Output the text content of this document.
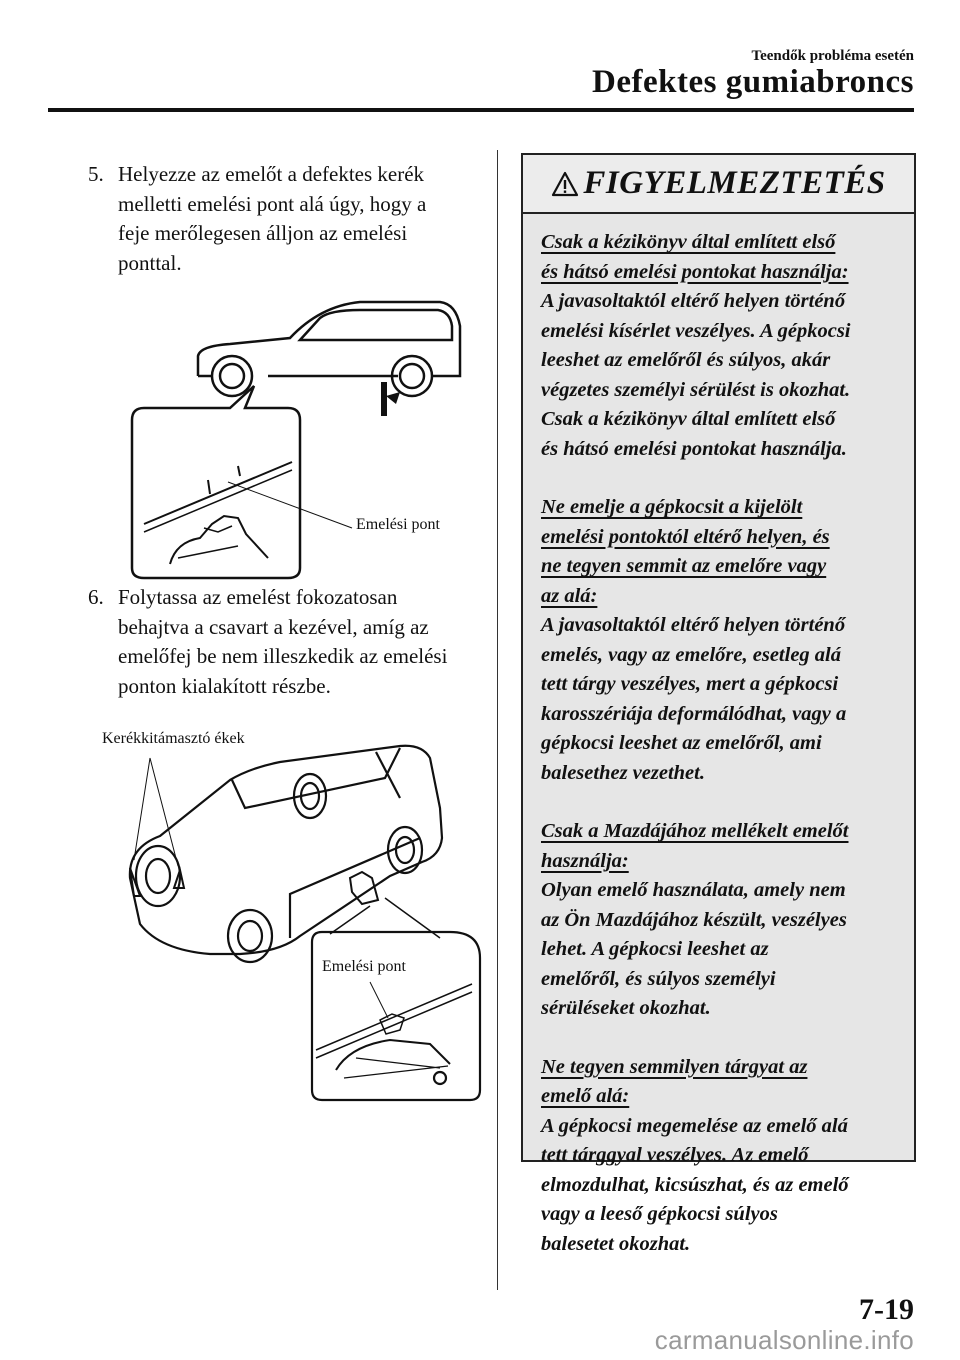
Teendők probléma esetén
Defektes gumiabroncs
5. Helyezze az emelőt a defektes kerék
melletti emelési pont alá úgy, hogy a
feje merőlegesen álljon az emelési
ponttal.
Emelési pont
6. Folytassa az emelést fokozatosan
behajtva a csavart a kezével, amíg az
emelőfej be nem illeszkedik az emelési
ponton kialakított részbe.
Kerékkitámasztó ékek
Emelési pont
FIGYELMEZTETÉS
Csak a kézikönyv által említett első
és hátsó emelési pontokat használja:
A javasoltaktól eltérő helyen történő
emelési kísérlet veszélyes. A gépkocsi
leeshet az emelőről és súlyos, akár
végzetes személyi sérülést is okozhat.
Csak a kézikönyv által említett első
és hátsó emelési pontokat használja.
Ne emelje a gépkocsit a kijelölt
emelési pontoktól eltérő helyen, és
ne tegyen semmit az emelőre vagy
az alá:
A javasoltaktól eltérő helyen történő
emelés, vagy az emelőre, esetleg alá
tett tárgy veszélyes, mert a gépkocsi
karosszériája deformálódhat, vagy a
gépkocsi leeshet az emelőről, ami
balesethez vezethet.
Csak a Mazdájához mellékelt emelőt
használja:
Olyan emelő használata, amely nem
az Ön Mazdájához készült, veszélyes
lehet. A gépkocsi leeshet az
emelőről, és súlyos személyi
sérüléseket okozhat.
Ne tegyen semmilyen tárgyat az
emelő alá:
A gépkocsi megemelése az emelő alá
tett tárggyal veszélyes. Az emelő
elmozdulhat, kicsúszhat, és az emelő
vagy a leeső gépkocsi súlyos
balesetet okozhat.
7-19
carmanualsonline.info
